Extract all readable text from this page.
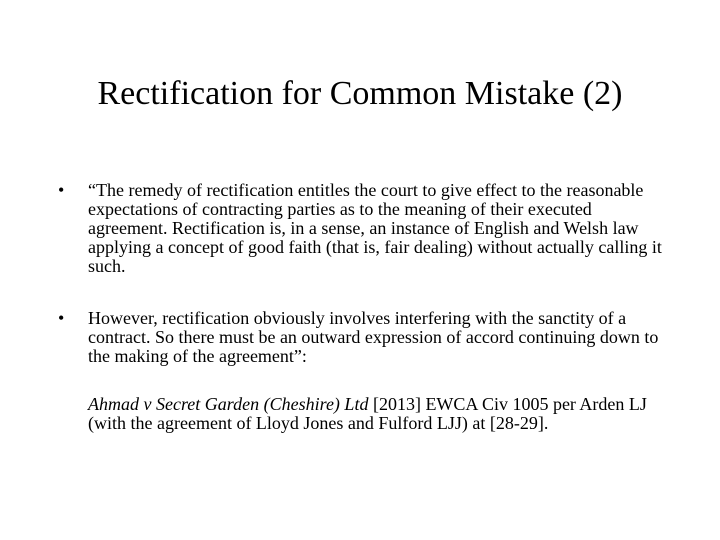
Rectification for Common Mistake (2)
•	“The remedy of rectification entitles the court to give effect to the reasonable expectations of contracting parties as to the meaning of their executed agreement. Rectification is, in a sense, an instance of English and Welsh law applying a concept of good faith (that is, fair dealing) without actually calling it such.
•	However, rectification obviously involves interfering with the sanctity of a contract. So there must be an outward expression of accord continuing down to the making of the agreement”:
Ahmad v Secret Garden (Cheshire) Ltd [2013] EWCA Civ 1005 per Arden LJ (with the agreement of Lloyd Jones and Fulford LJJ) at [28-29].
